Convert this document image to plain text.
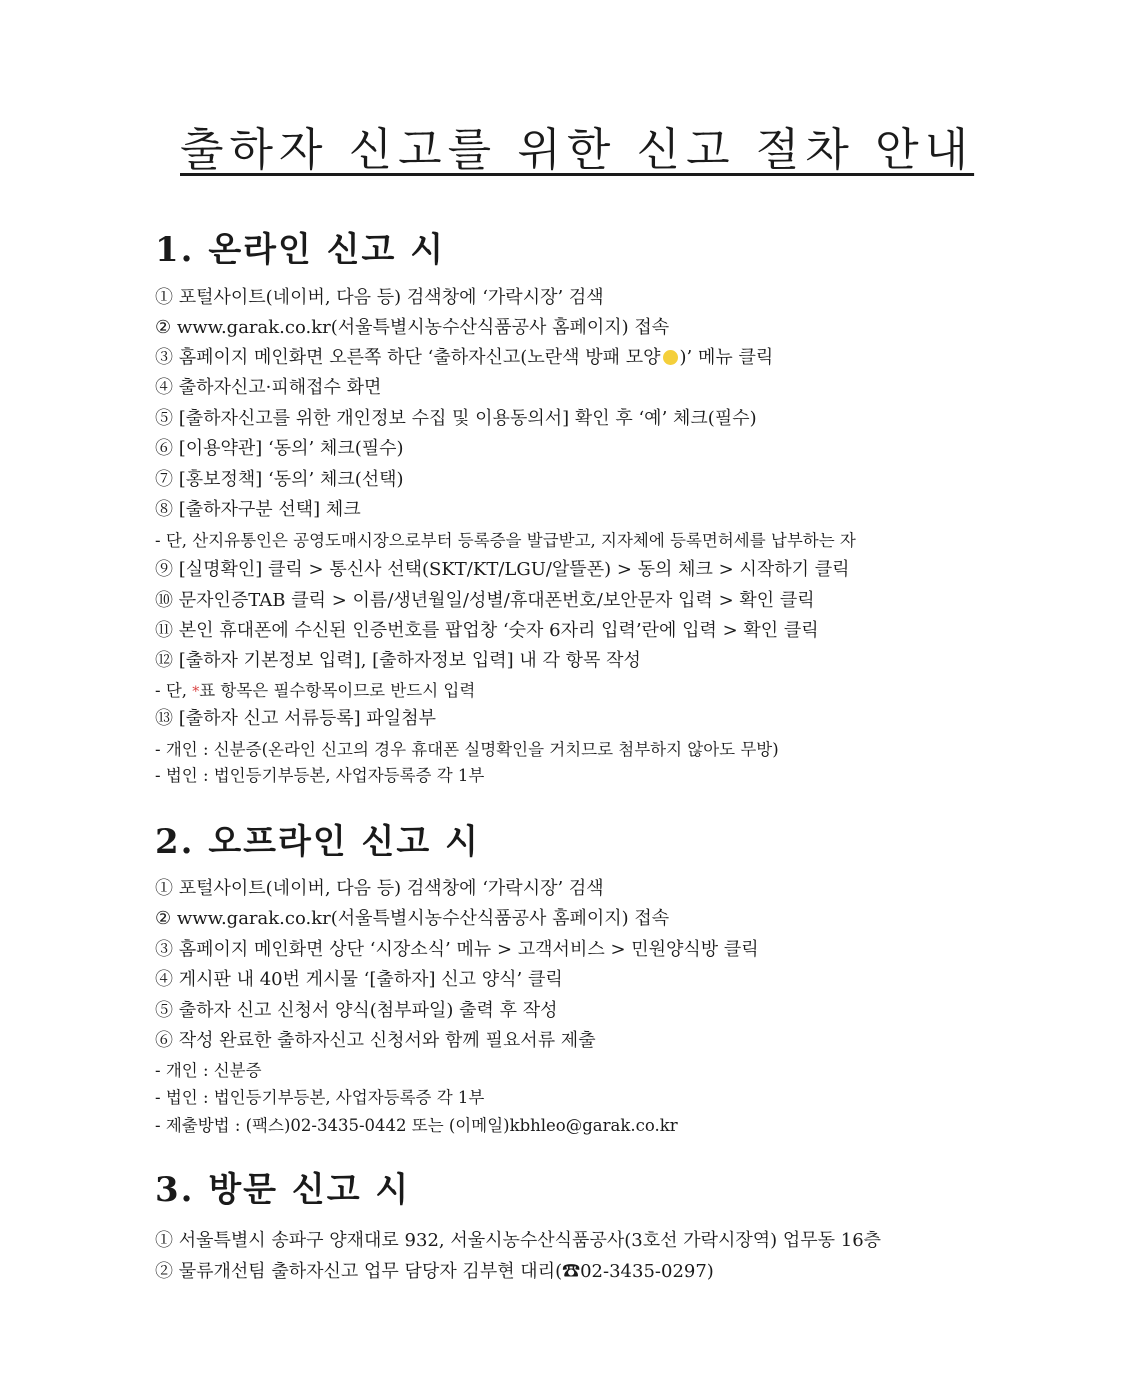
출하자 신고를 위한 신고 절차 안내
1. 온라인 신고 시
① 포털사이트(네이버, 다음 등) 검색창에 ‘가락시장’ 검색
② www.garak.co.kr(서울특별시농수산식품공사 홈페이지) 접속
③ 홈페이지 메인화면 오른쪽 하단 ‘출하자신고(노란색 방패 모양 )’ 메뉴 클릭
④ 출하자신고·피해접수 화면
⑤ [출하자신고를 위한 개인정보 수집 및 이용동의서] 확인 후 ‘예’ 체크(필수)
⑥ [이용약관] ‘동의’ 체크(필수)
⑦ [홍보정책] ‘동의’ 체크(선택)
⑧ [출하자구분 선택] 체크
- 단, 산지유통인은 공영도매시장으로부터 등록증을 발급받고, 지자체에 등록면허세를 납부하는 자
⑨ [실명확인] 클릭 > 통신사 선택(SKT/KT/LGU/알뜰폰) > 동의 체크 > 시작하기 클릭
⑩ 문자인증TAB 클릭 > 이름/생년월일/성별/휴대폰번호/보안문자 입력 > 확인 클릭
⑪ 본인 휴대폰에 수신된 인증번호를 팝업창 ‘숫자 6자리 입력’란에 입력 > 확인 클릭
⑫ [출하자 기본정보 입력], [출하자정보 입력] 내 각 항목 작성
- 단, *표 항목은 필수항목이므로 반드시 입력
⑬ [출하자 신고 서류등록] 파일첨부
- 개인 : 신분증(온라인 신고의 경우 휴대폰 실명확인을 거치므로 첨부하지 않아도 무방)
- 법인 : 법인등기부등본, 사업자등록증 각 1부
2. 오프라인 신고 시
① 포털사이트(네이버, 다음 등) 검색창에 ‘가락시장’ 검색
② www.garak.co.kr(서울특별시농수산식품공사 홈페이지) 접속
③ 홈페이지 메인화면 상단 ‘시장소식’ 메뉴 > 고객서비스 > 민원양식방 클릭
④ 게시판 내 40번 게시물 ‘[출하자] 신고 양식’ 클릭
⑤ 출하자 신고 신청서 양식(첨부파일) 출력 후 작성
⑥ 작성 완료한 출하자신고 신청서와 함께 필요서류 제출
- 개인 : 신분증
- 법인 : 법인등기부등본, 사업자등록증 각 1부
- 제출방법 : (팩스)02-3435-0442 또는 (이메일)kbhleo@garak.co.kr
3. 방문 신고 시
① 서울특별시 송파구 양재대로 932, 서울시농수산식품공사(3호선 가락시장역) 업무동 16층
② 물류개선팀 출하자신고 업무 담당자 김부현 대리(☎02-3435-0297)
